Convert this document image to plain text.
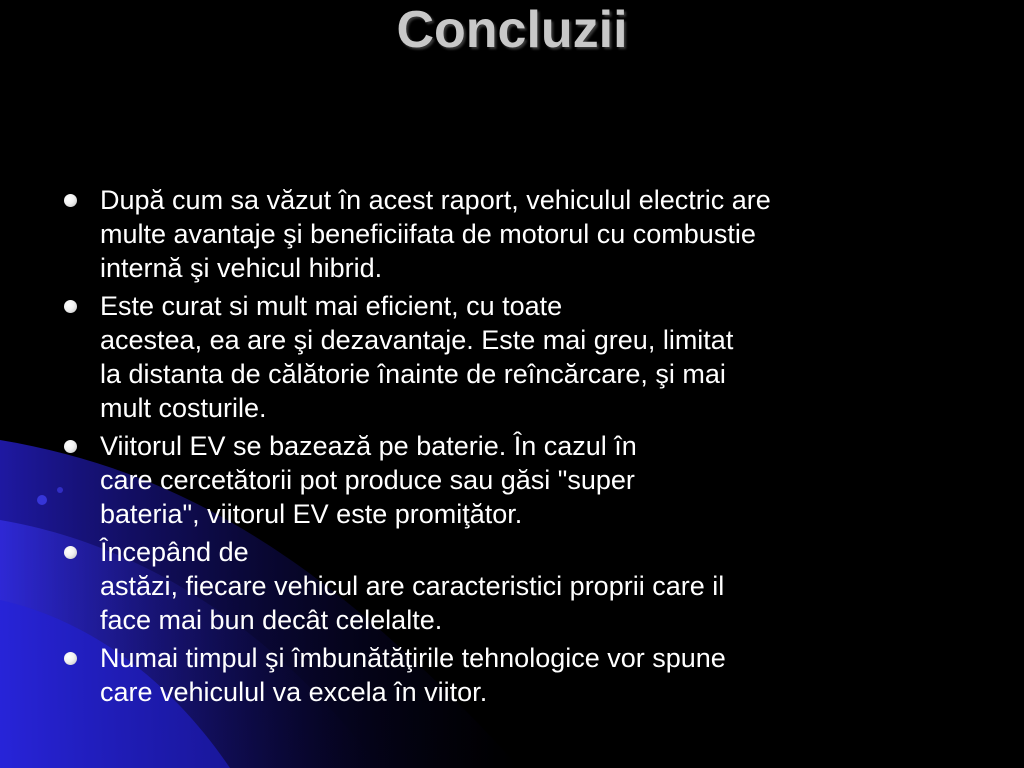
Concluzii
După cum sa văzut în acest raport, vehiculul electric are
multe avantaje şi beneficiifata de motorul cu combustie
internă şi vehicul hibrid.
Este curat si mult mai eficient, cu toate
acestea, ea are şi dezavantaje. Este mai greu, limitat
la distanta de călătorie înainte de reîncărcare, şi mai
mult costurile.
Viitorul EV se bazează pe baterie. În cazul în
care cercetătorii pot produce sau găsi "super
bateria", viitorul EV este promiţător.
Începând de
astăzi, fiecare vehicul are caracteristici proprii care il
face mai bun decât celelalte.
Numai timpul şi îmbunătăţirile tehnologice vor spune
care vehiculul va excela în viitor.
